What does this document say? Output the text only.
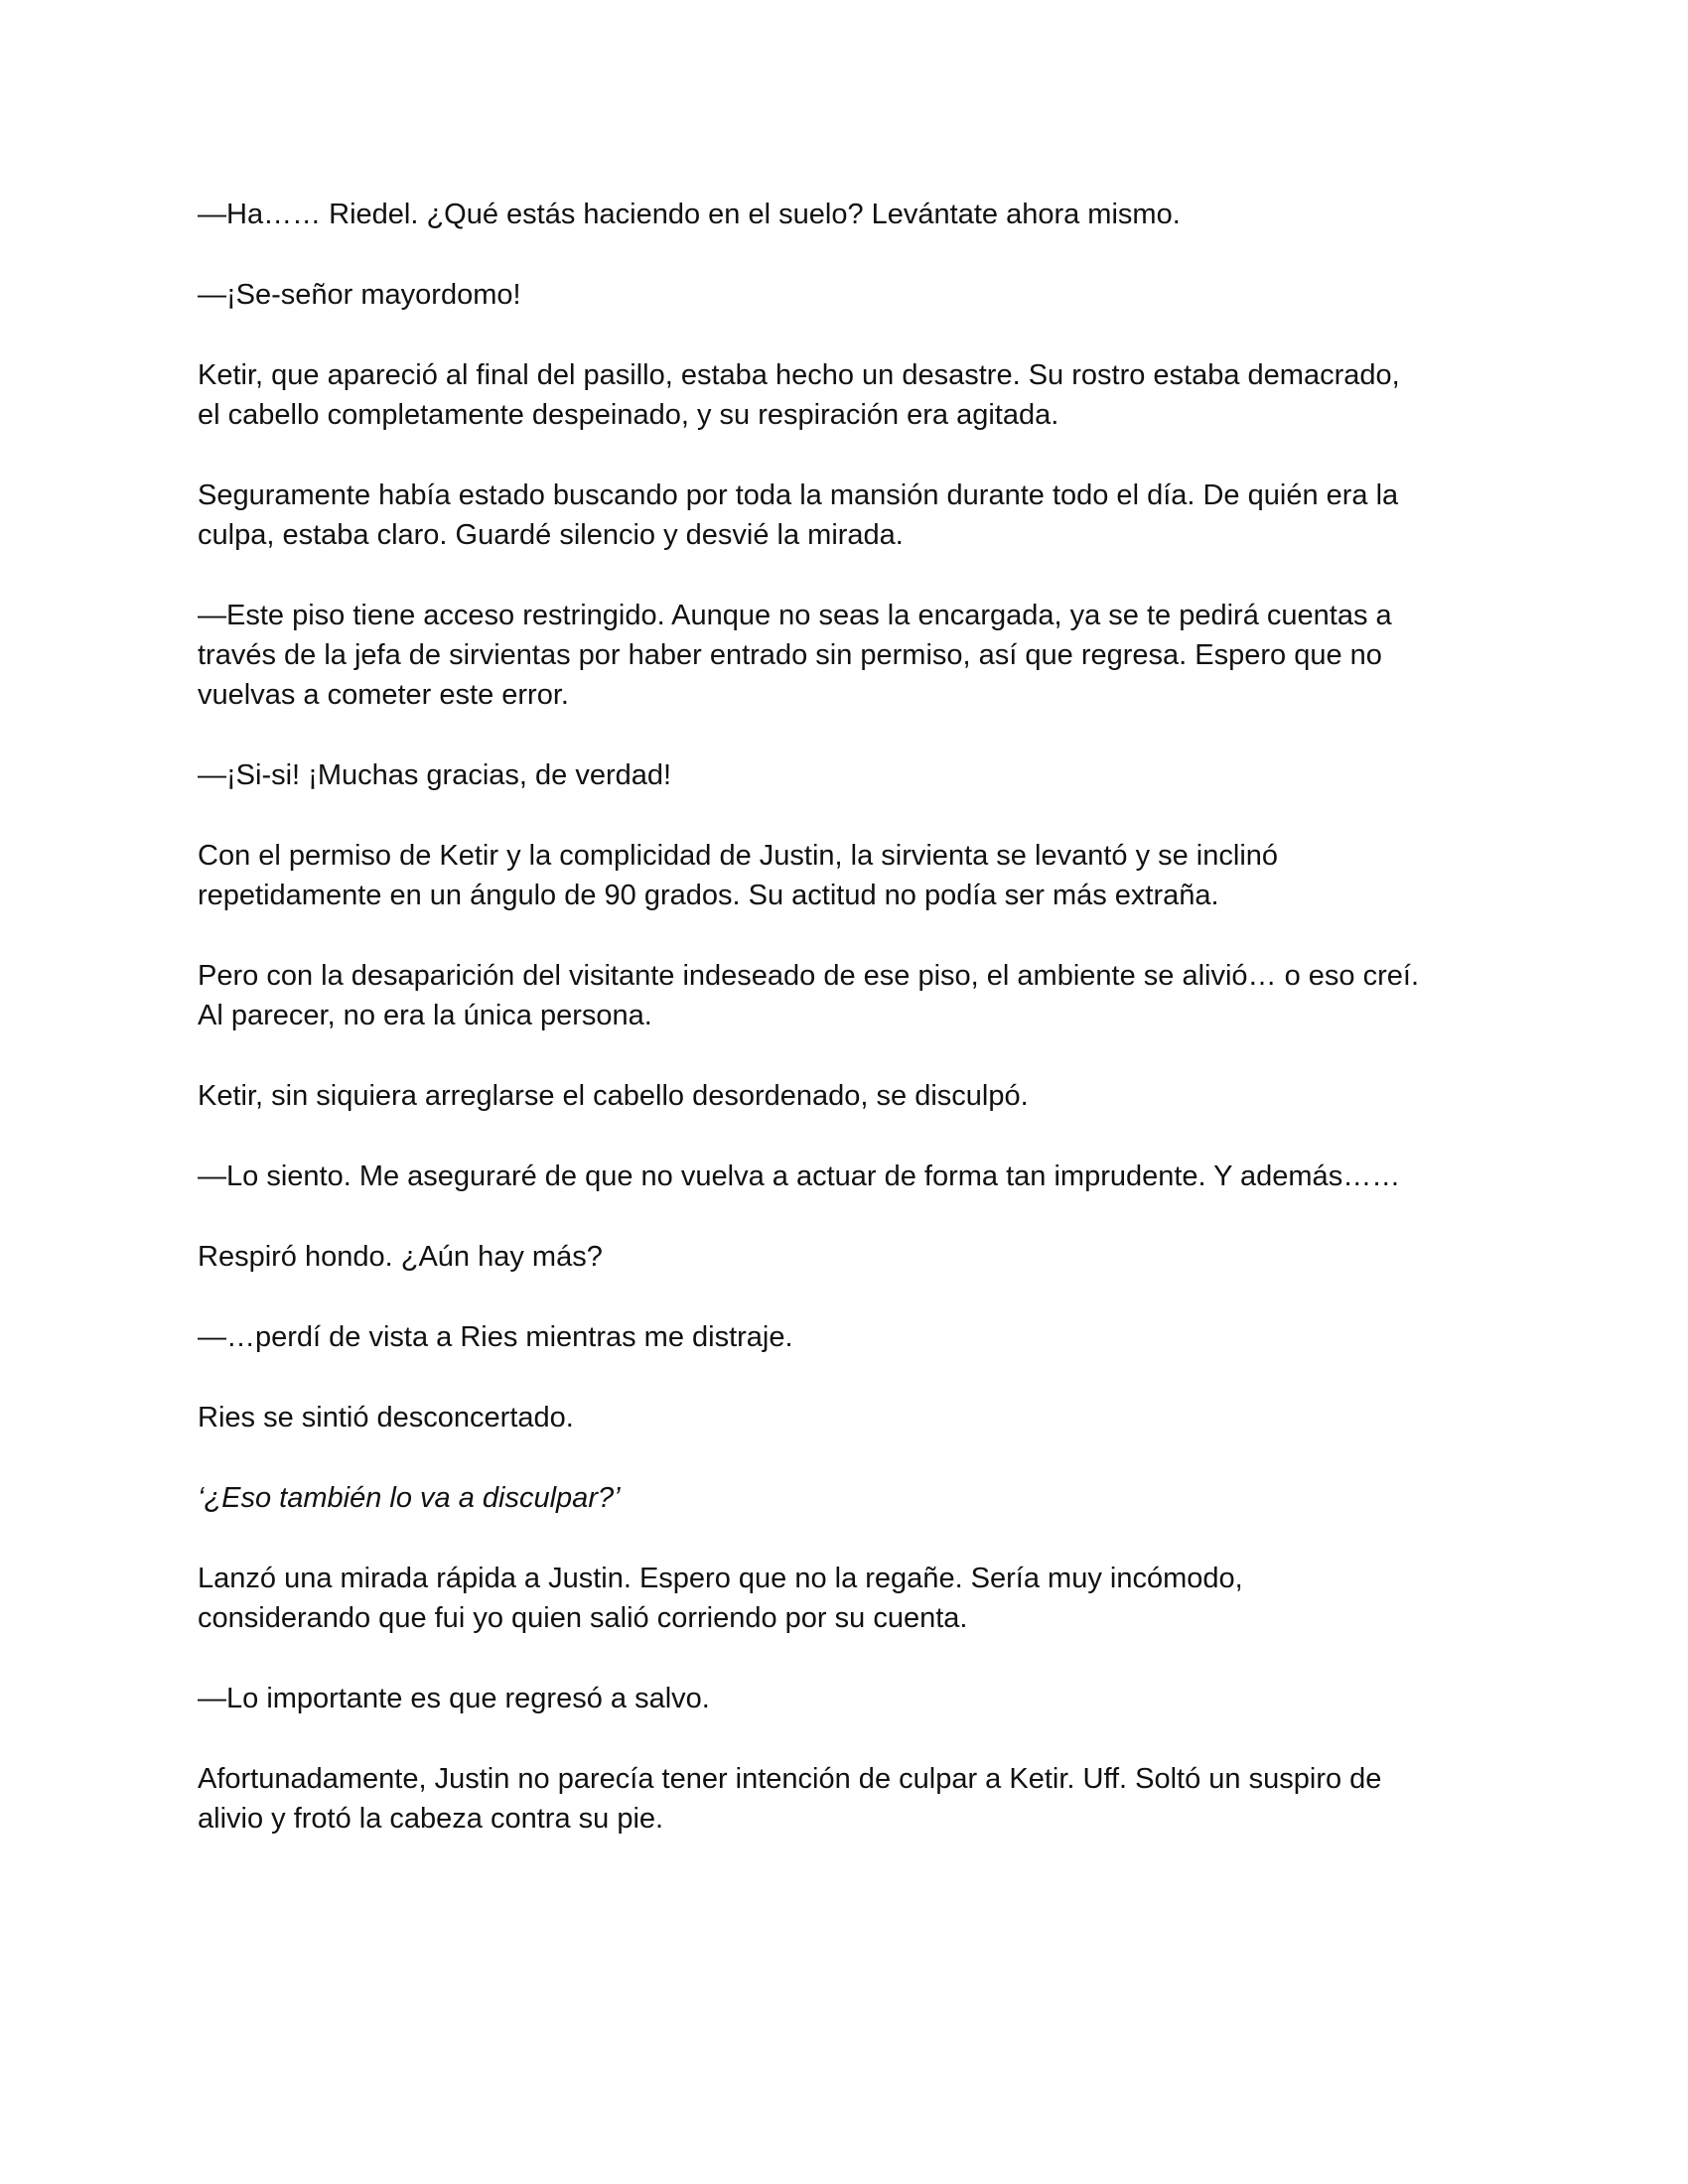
—Ha…… Riedel. ¿Qué estás haciendo en el suelo? Levántate ahora mismo.

—¡Se-señor mayordomo!

Ketir, que apareció al final del pasillo, estaba hecho un desastre. Su rostro estaba demacrado,
el cabello completamente despeinado, y su respiración era agitada.

Seguramente había estado buscando por toda la mansión durante todo el día. De quién era la
culpa, estaba claro. Guardé silencio y desvié la mirada.

—Este piso tiene acceso restringido. Aunque no seas la encargada, ya se te pedirá cuentas a
través de la jefa de sirvientas por haber entrado sin permiso, así que regresa. Espero que no
vuelvas a cometer este error.

—¡Si-si! ¡Muchas gracias, de verdad!

Con el permiso de Ketir y la complicidad de Justin, la sirvienta se levantó y se inclinó
repetidamente en un ángulo de 90 grados. Su actitud no podía ser más extraña.

Pero con la desaparición del visitante indeseado de ese piso, el ambiente se alivió… o eso creí.
Al parecer, no era la única persona.

Ketir, sin siquiera arreglarse el cabello desordenado, se disculpó.

—Lo siento. Me aseguraré de que no vuelva a actuar de forma tan imprudente. Y además……

Respiró hondo. ¿Aún hay más?

—…perdí de vista a Ries mientras me distraje.

Ries se sintió desconcertado.

‘¿Eso también lo va a disculpar?’

Lanzó una mirada rápida a Justin. Espero que no la regañe. Sería muy incómodo,
considerando que fui yo quien salió corriendo por su cuenta.

—Lo importante es que regresó a salvo.

Afortunadamente, Justin no parecía tener intención de culpar a Ketir. Uff. Soltó un suspiro de
alivio y frotó la cabeza contra su pie.
